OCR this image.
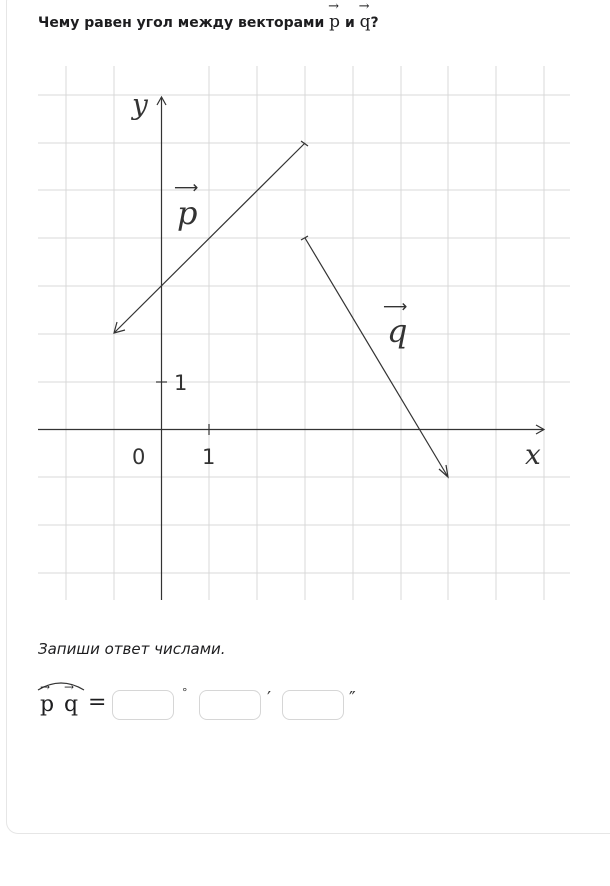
Чему равен угол между векторами
→
p и
→
q?
y
x
0	1
1
⟶
p
⟶
q
Запиши ответ числами.
→
p
→
q =	°	′	″
